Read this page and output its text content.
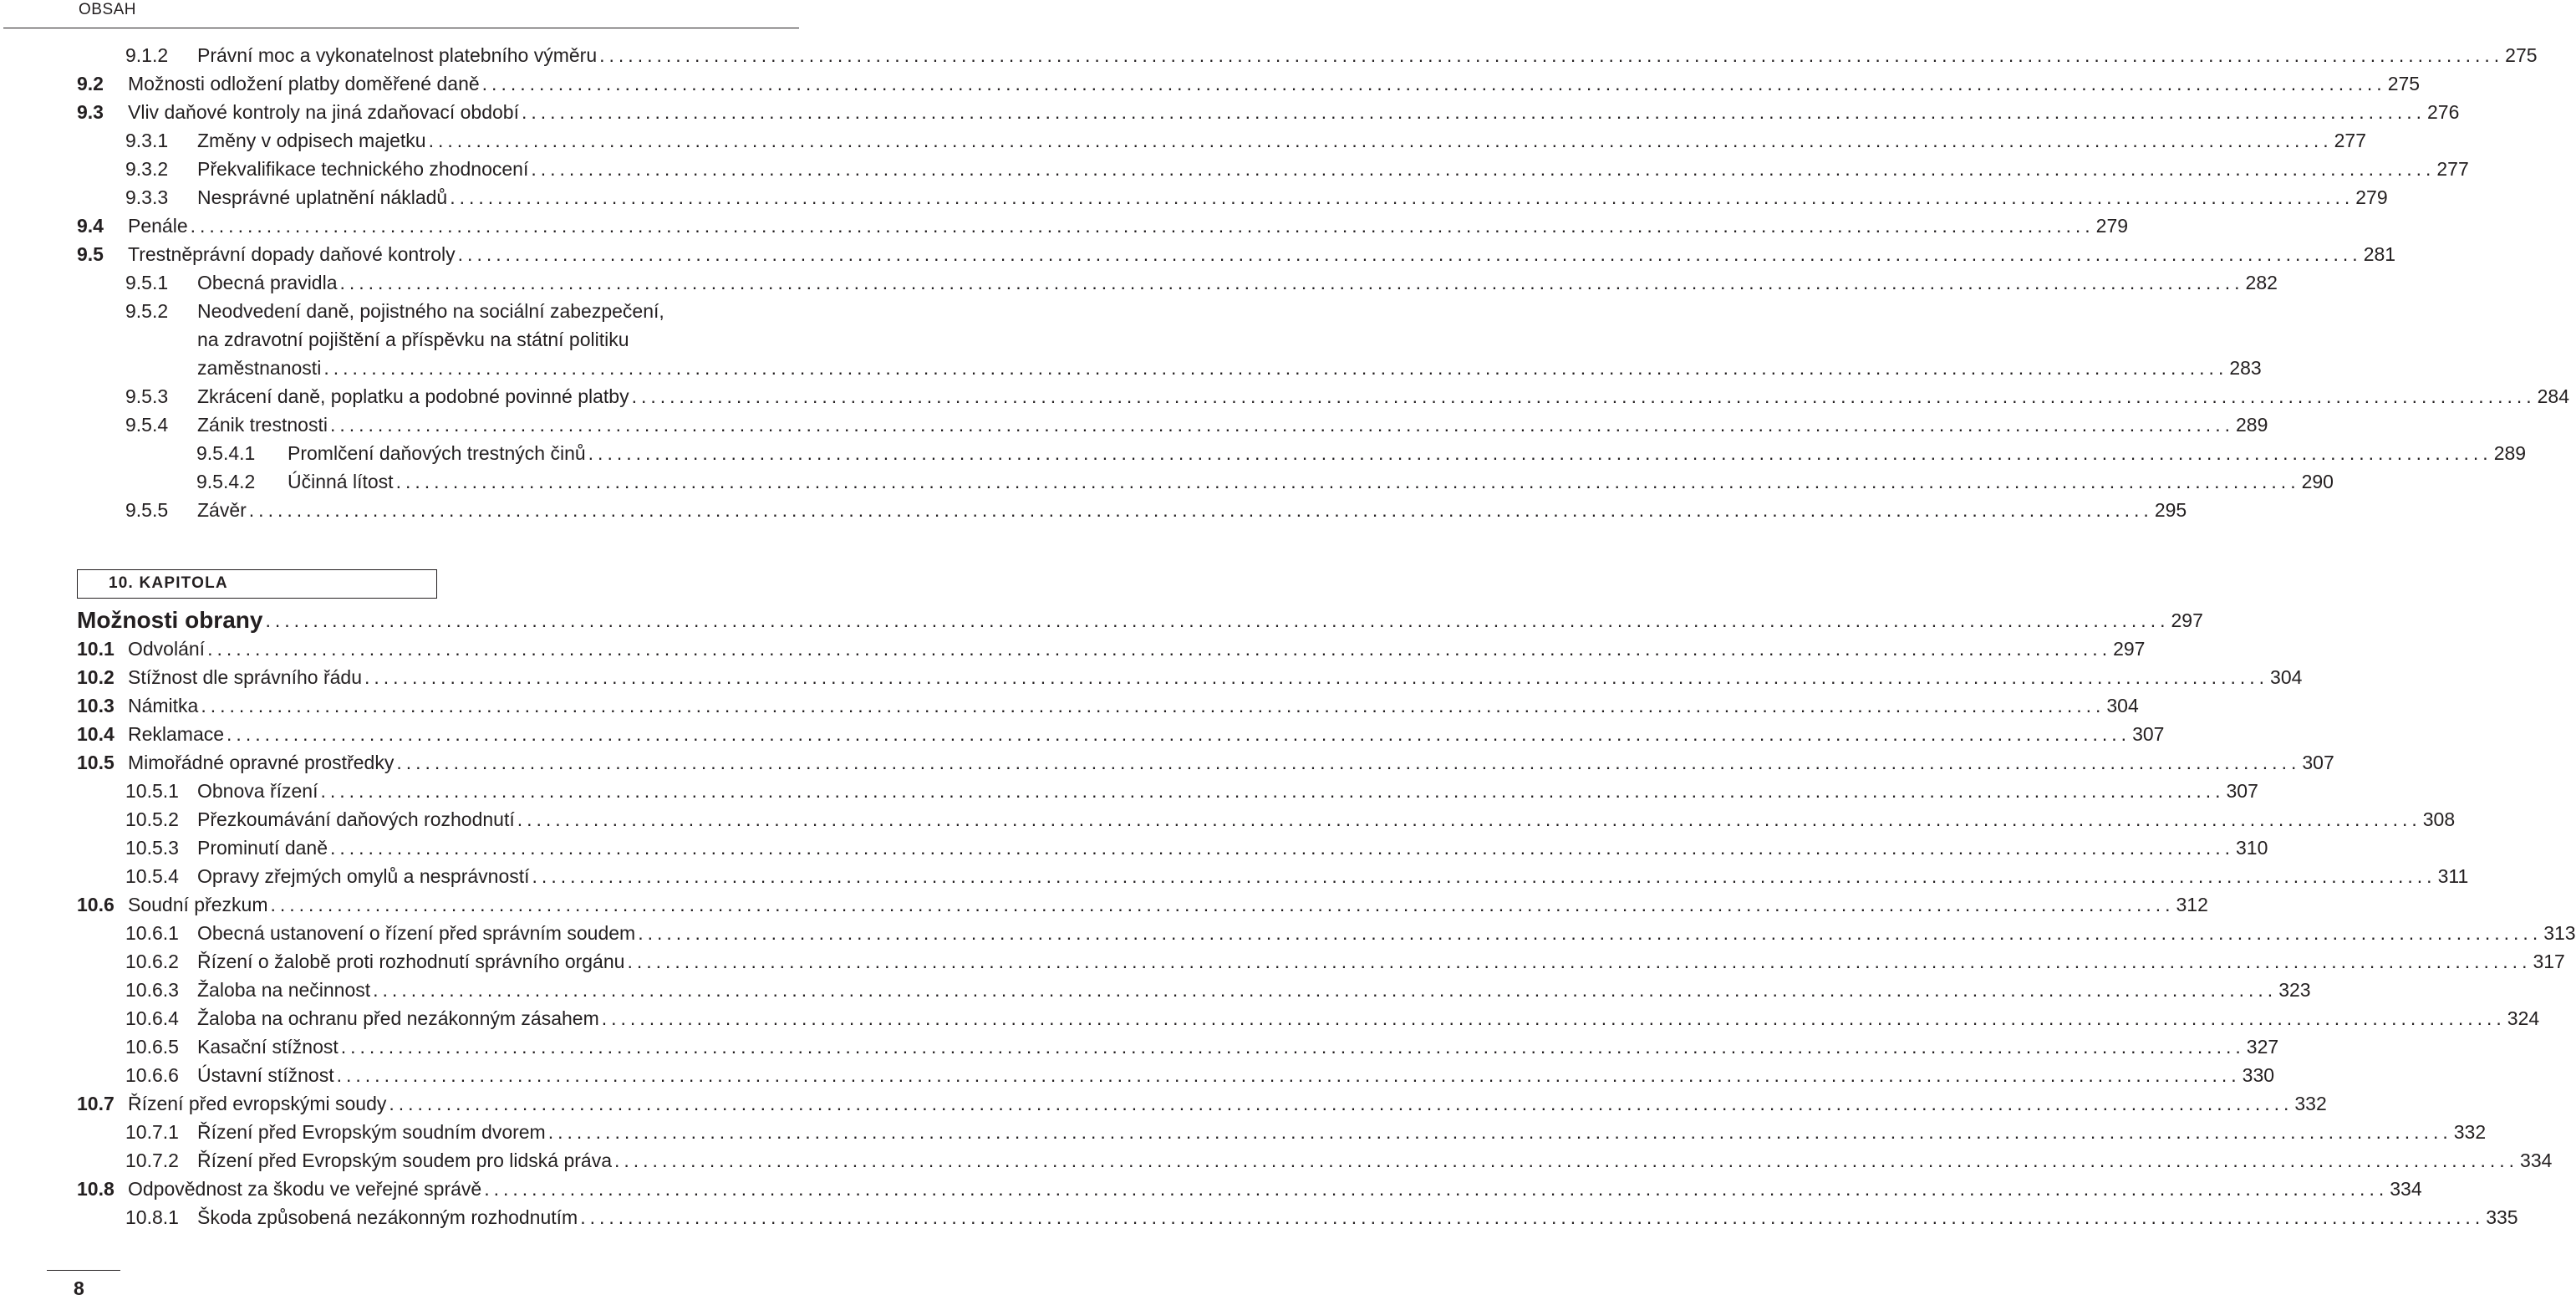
OBSAH
9.1.2 Právní moc a vykonatelnost platebního výměru ........................................................................................................................................................................................................ 275
9.2 Možnosti odložení platby doměřené daně ........................................................................................................................................................................................................ 275
9.3 Vliv daňové kontroly na jiná zdaňovací období ........................................................................................................................................................................................................ 276
9.3.1 Změny v odpisech majetku ........................................................................................................................................................................................................ 277
9.3.2 Překvalifikace technického zhodnocení ........................................................................................................................................................................................................ 277
9.3.3 Nesprávné uplatnění nákladů ........................................................................................................................................................................................................ 279
9.4 Penále ........................................................................................................................................................................................................ 279
9.5 Trestněprávní dopady daňové kontroly ........................................................................................................................................................................................................ 281
9.5.1 Obecná pravidla ........................................................................................................................................................................................................ 282
9.5.2 Neodvedení daně, pojistného na sociální zabezpečení,
na zdravotní pojištění a příspěvku na státní politiku
zaměstnanosti ........................................................................................................................................................................................................ 283
9.5.3 Zkrácení daně, poplatku a podobné povinné platby ........................................................................................................................................................................................................ 284
9.5.4 Zánik trestnosti ........................................................................................................................................................................................................ 289
9.5.4.1 Promlčení daňových trestných činů ........................................................................................................................................................................................................ 289
9.5.4.2 Účinná lítost ........................................................................................................................................................................................................ 290
9.5.5 Závěr ........................................................................................................................................................................................................ 295
10. KAPITOLA
Možnosti obrany ........................................................................................................................................................................................................ 297
10.1 Odvolání ........................................................................................................................................................................................................ 297
10.2 Stížnost dle správního řádu ........................................................................................................................................................................................................ 304
10.3 Námitka ........................................................................................................................................................................................................ 304
10.4 Reklamace ........................................................................................................................................................................................................ 307
10.5 Mimořádné opravné prostředky ........................................................................................................................................................................................................ 307
10.5.1 Obnova řízení ........................................................................................................................................................................................................ 307
10.5.2 Přezkoumávání daňových rozhodnutí ........................................................................................................................................................................................................ 308
10.5.3 Prominutí daně ........................................................................................................................................................................................................ 310
10.5.4 Opravy zřejmých omylů a nesprávností ........................................................................................................................................................................................................ 311
10.6 Soudní přezkum ........................................................................................................................................................................................................ 312
10.6.1 Obecná ustanovení o řízení před správním soudem ........................................................................................................................................................................................................ 313
10.6.2 Řízení o žalobě proti rozhodnutí správního orgánu ........................................................................................................................................................................................................ 317
10.6.3 Žaloba na nečinnost ........................................................................................................................................................................................................ 323
10.6.4 Žaloba na ochranu před nezákonným zásahem ........................................................................................................................................................................................................ 324
10.6.5 Kasační stížnost ........................................................................................................................................................................................................ 327
10.6.6 Ústavní stížnost ........................................................................................................................................................................................................ 330
10.7 Řízení před evropskými soudy ........................................................................................................................................................................................................ 332
10.7.1 Řízení před Evropským soudním dvorem ........................................................................................................................................................................................................ 332
10.7.2 Řízení před Evropským soudem pro lidská práva ........................................................................................................................................................................................................ 334
10.8 Odpovědnost za škodu ve veřejné správě ........................................................................................................................................................................................................ 334
10.8.1 Škoda způsobená nezákonným rozhodnutím ........................................................................................................................................................................................................ 335
8
